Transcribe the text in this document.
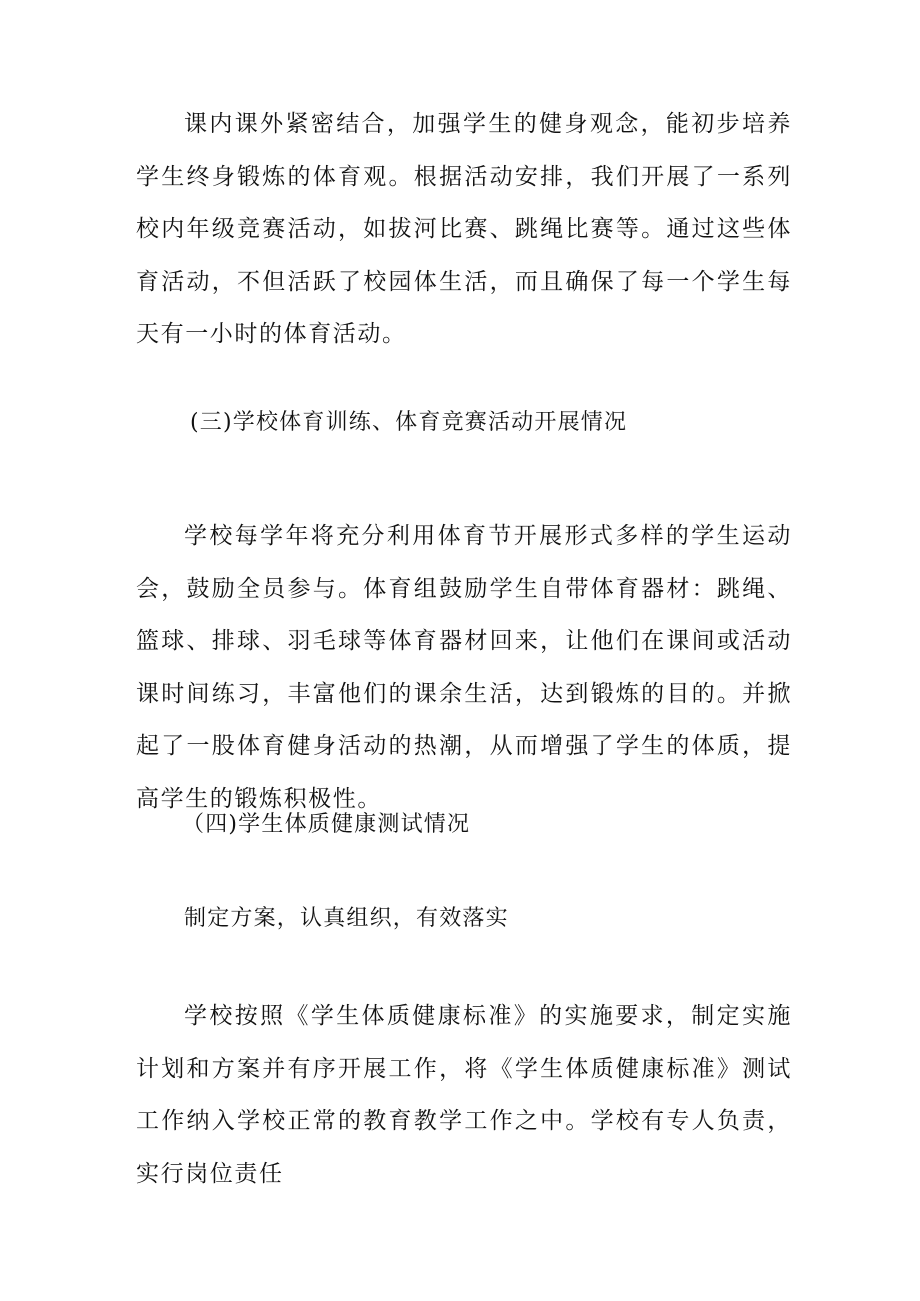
课内课外紧密结合，加强学生的健身观念，能初步培养学生终身锻炼的体育观。根据活动安排，我们开展了一系列校内年级竞赛活动，如拔河比赛、跳绳比赛等。通过这些体育活动，不但活跃了校园体生活，而且确保了每一个学生每天有一小时的体育活动。

(三)学校体育训练、体育竞赛活动开展情况

学校每学年将充分利用体育节开展形式多样的学生运动会，鼓励全员参与。体育组鼓励学生自带体育器材：跳绳、篮球、排球、羽毛球等体育器材回来，让他们在课间或活动课时间练习，丰富他们的课余生活，达到锻炼的目的。并掀起了一股体育健身活动的热潮，从而增强了学生的体质，提高学生的锻炼积极性。

（四)学生体质健康测试情况

制定方案，认真组织，有效落实

学校按照《学生体质健康标准》的实施要求，制定实施计划和方案并有序开展工作，将《学生体质健康标准》测试工作纳入学校正常的教育教学工作之中。学校有专人负责，实行岗位责任
